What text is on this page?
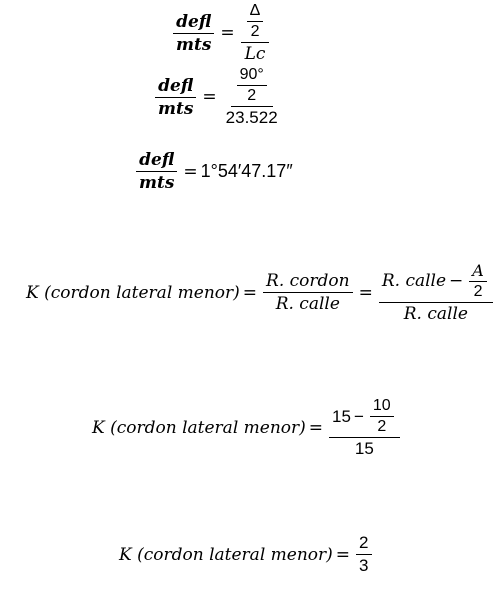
$\frac{\text{defl}}{\text{mts}} = \frac{\frac{\Delta}{2}}{Lc}$
$\frac{\text{defl}}{\text{mts}} = \frac{\frac{90^\circ}{2}}{23.522}$
$\frac{\text{defl}}{\text{mts}} = 1^\circ 54'47.17''$
K (cordon lateral menor) = $\frac{\text{R. cordon}}{\text{R. calle}} = \frac{R. calle - \frac{A}{2}}{\text{R. calle}}$
K (cordon lateral menor) = $\frac{15 - \frac{10}{2}}{15}$
K (cordon lateral menor) = $\frac{2}{3}$
